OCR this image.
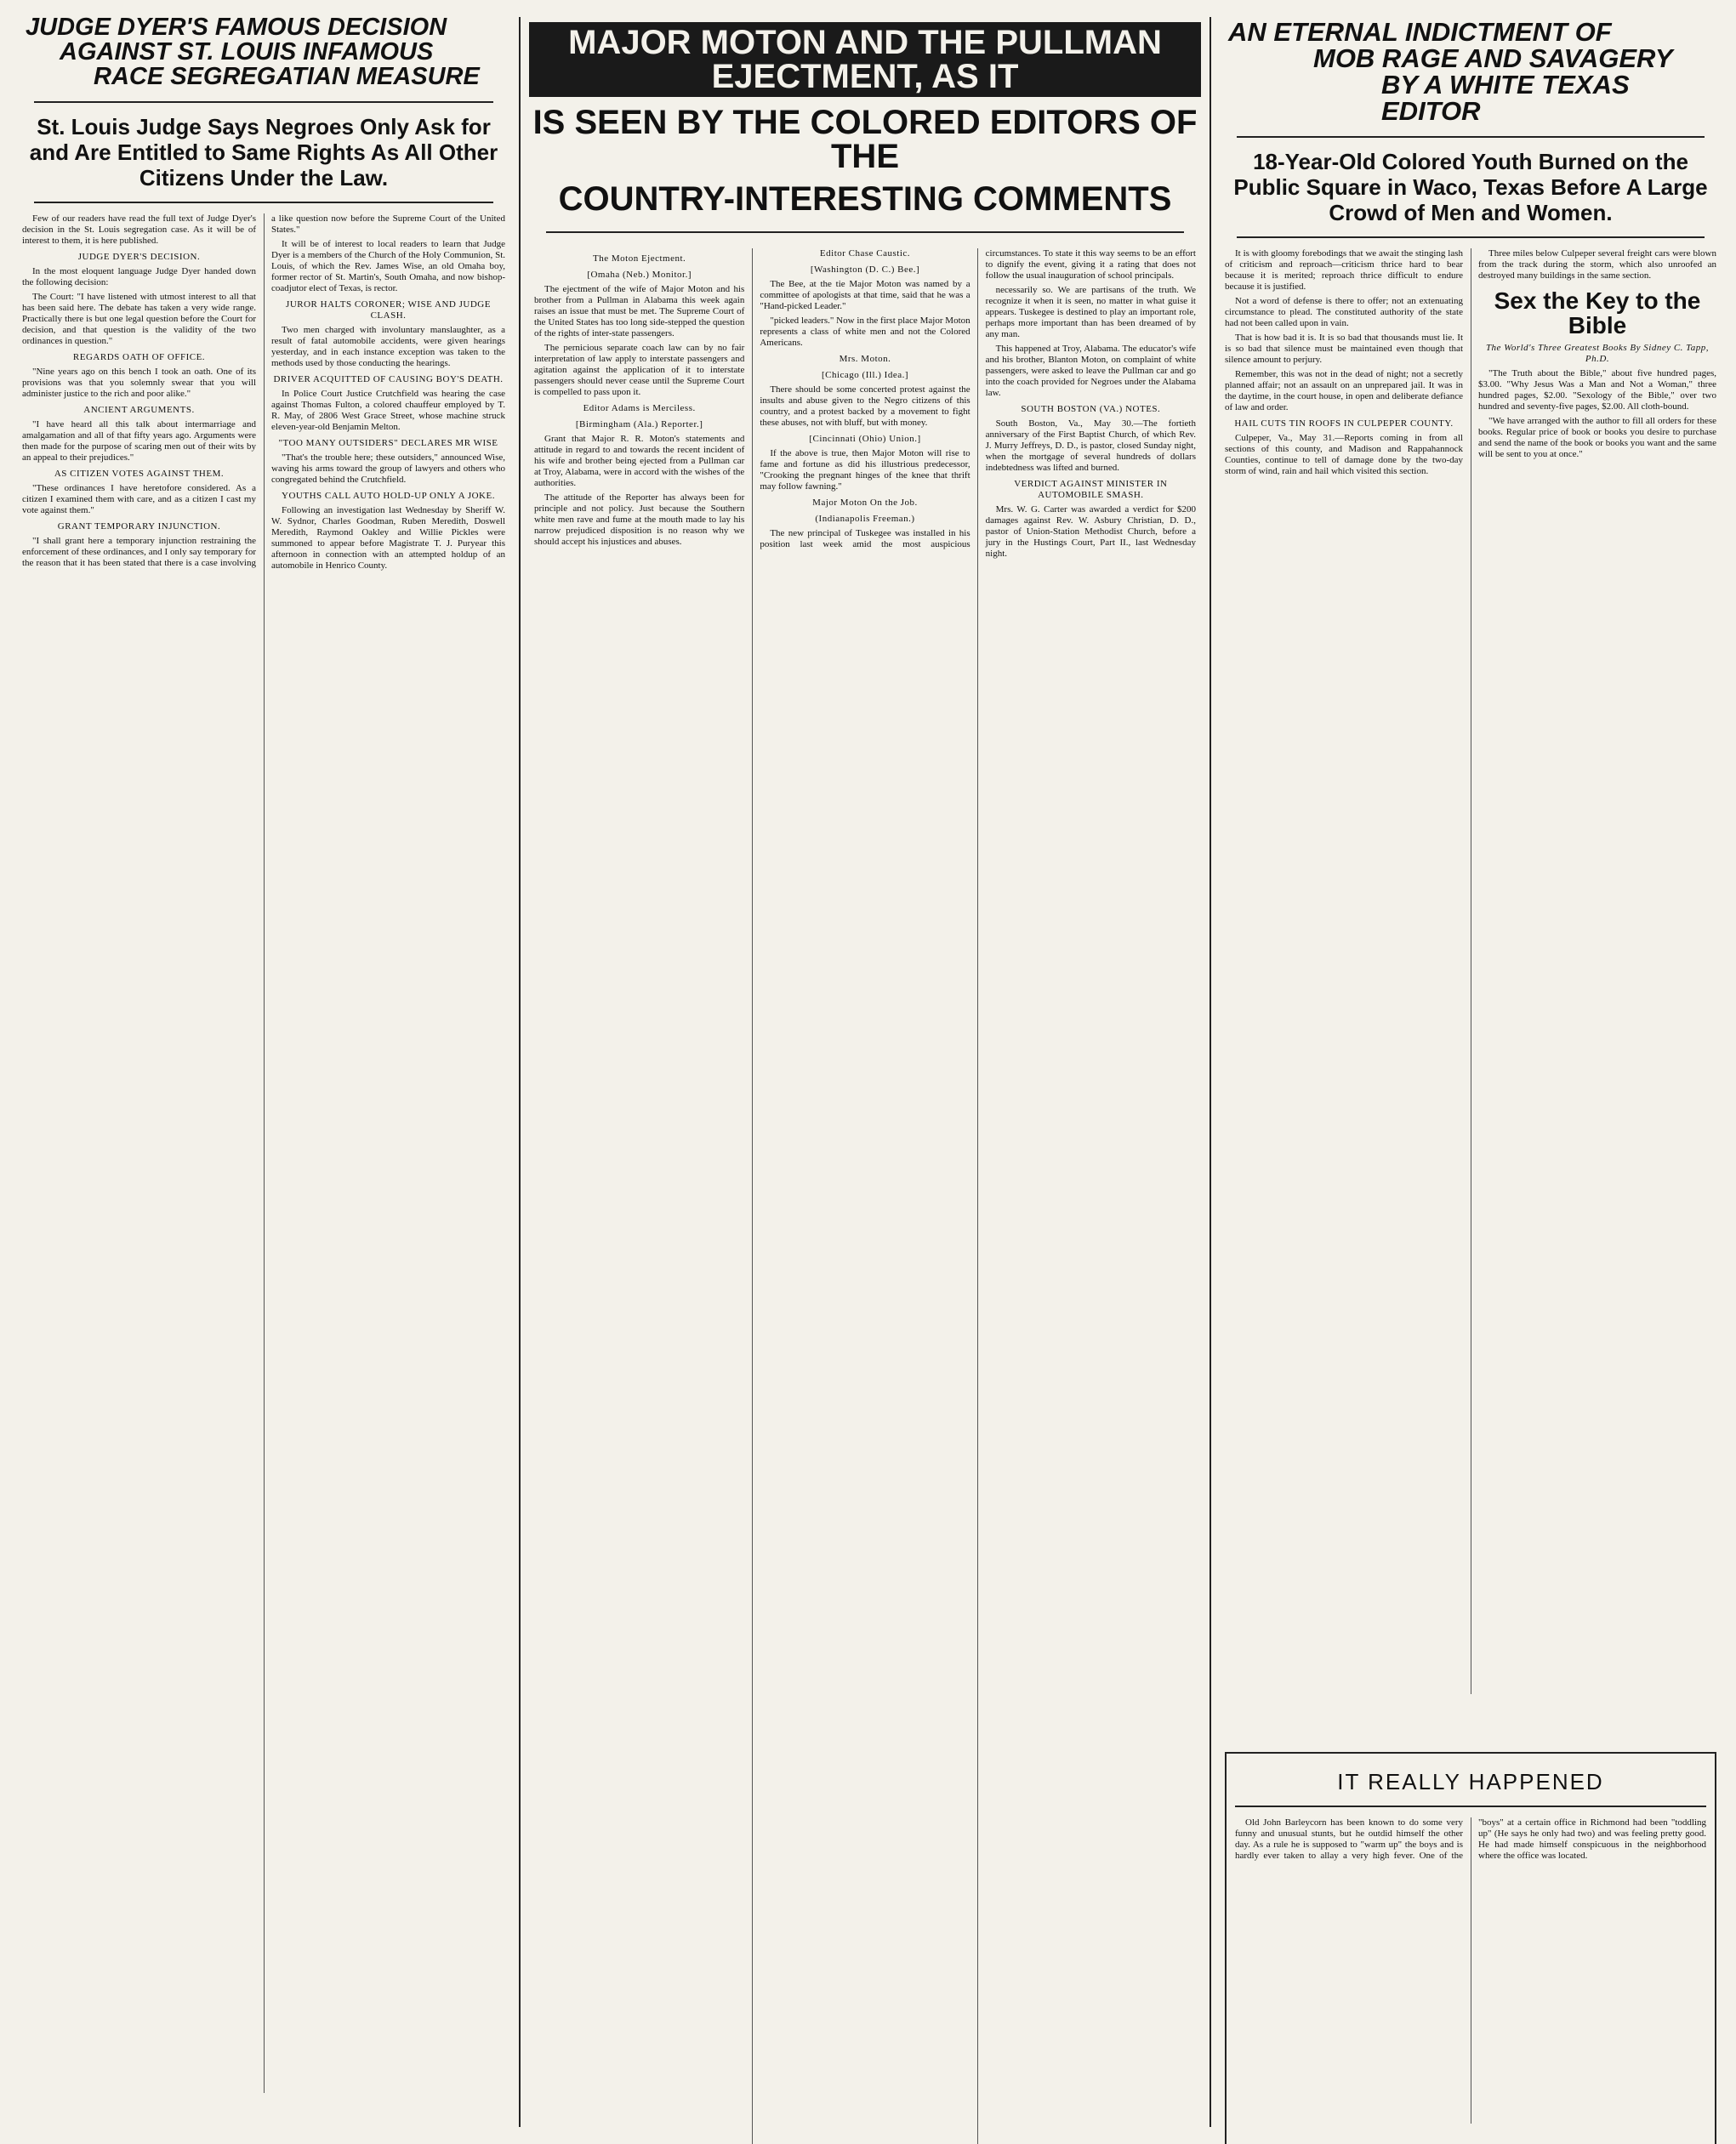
JUDGE DYER'S FAMOUS DECISION
AGAINST ST. LOUIS INFAMOUS
RACE SEGREGATIAN MEASURE
St. Louis Judge Says Negroes Only Ask for and Are Entitled to Same Rights As All Other Citizens Under the Law.

Few of our readers have read the full text of Judge Dyer's decision in the St. Louis segregation case. As it will be of interest to them, it is here published.

JUDGE DYER'S DECISION.

In the most eloquent language Judge Dyer handed down the following decision:

The Court: "I have listened with utmost interest to all that has been said here. The debate has taken a very wide range. Practically there is but one legal question before the Court for decision, and that question is the validity of the two ordinances in question."

REGARDS OATH OF OFFICE.

"Nine years ago on this bench I took an oath. One of its provisions was that you solemnly swear that you will administer justice to the rich and poor alike."

ANCIENT ARGUMENTS.

"I have heard all this talk about intermarriage and amalgamation and all of that fifty years ago. Arguments were then made for the purpose of scaring men out of their wits by an appeal to their prejudices."

AS CITIZEN VOTES AGAINST THEM.

"These ordinances I have heretofore considered. As a citizen I examined them with care, and as a citizen I cast my vote against them."

GRANT TEMPORARY INJUNCTION.

"I shall grant here a temporary injunction restraining the enforcement of these ordinances, and I only say temporary for the reason that it has been stated that there is a case involving a like question now before the Supreme Court of the United States."

It will be of interest to local readers to learn that Judge Dyer is a members of the Church of the Holy Communion, St. Louis, of which the Rev. James Wise, an old Omaha boy, former rector of St. Martin's, South Omaha, and now bishop-coadjutor elect of Texas, is rector.

JUROR HALTS CORONER; WISE AND JUDGE CLASH.

Two men charged with involuntary manslaughter, as a result of fatal automobile accidents, were given hearings yesterday, and in each instance exception was taken to the methods used by those conducting the hearings.

DRIVER ACQUITTED OF CAUSING BOY'S DEATH.

In Police Court Justice Crutchfield was hearing the case against Thomas Fulton, a colored chauffeur employed by T. R. May, of 2806 West Grace Street, whose machine struck eleven-year-old Benjamin Melton.

"TOO MANY OUTSIDERS" DECLARES MR WISE

"That's the trouble here; these outsiders," announced Wise, waving his arms toward the group of lawyers and others who congregated behind the Crutchfield.

YOUTHS CALL AUTO HOLD-UP ONLY A JOKE.

Following an investigation last Wednesday by Sheriff W. W. Sydnor, Charles Goodman, Ruben Meredith, Doswell Meredith, Raymond Oakley and Willie Pickles were summoned to appear before Magistrate T. J. Puryear this afternoon in connection with an attempted holdup of an automobile in Henrico County.

MAJOR MOTON AND THE PULLMAN EJECTMENT, AS IT
IS SEEN BY THE COLORED EDITORS OF THE
COUNTRY-INTERESTING COMMENTS
The Moton Ejectment.
[Omaha (Neb.) Monitor.]

The ejectment of the wife of Major Moton and his brother from a Pullman in Alabama this week again raises an issue that must be met. The Supreme Court of the United States has too long side-stepped the question of the rights of inter-state passengers.

The pernicious separate coach law can by no fair interpretation of law apply to interstate passengers and agitation against the application of it to interstate passengers should never cease until the Supreme Court is compelled to pass upon it.

Editor Adams is Merciless.
[Birmingham (Ala.) Reporter.]

Grant that Major R. R. Moton's statements and attitude in regard to and towards the recent incident of his wife and brother being ejected from a Pullman car at Troy, Alabama, were in accord with the wishes of the authorities.

The attitude of the Reporter has always been for principle and not policy. Just because the Southern white men rave and fume at the mouth made to lay his narrow prejudiced disposition is no reason why we should accept his injustices and abuses.

Editor Chase Caustic.
[Washington (D. C.) Bee.]

The Bee, at the tie Major Moton was named by a committee of apologists at that time, said that he was a "Hand-picked Leader."

"picked leaders." Now in the first place Major Moton represents a class of white men and not the Colored Americans.

Mrs. Moton.
[Chicago (Ill.) Idea.]

There should be some concerted protest against the insults and abuse given to the Negro citizens of this country, and a protest backed by a movement to fight these abuses, not with bluff, but with money.

[Cincinnati (Ohio) Union.]

If the above is true, then Major Moton will rise to fame and fortune as did his illustrious predecessor, "Crooking the pregnant hinges of the knee that thrift may follow fawning."

Major Moton On the Job.
(Indianapolis Freeman.)

The new principal of Tuskegee was installed in his position last week amid the most auspicious circumstances. To state it this way seems to be an effort to dignify the event, giving it a rating that does not follow the usual inauguration of school principals.

necessarily so. We are partisans of the truth. We recognize it when it is seen, no matter in what guise it appears. Tuskegee is destined to play an important role, perhaps more important than has been dreamed of by any man.

This happened at Troy, Alabama. The educator's wife and his brother, Blanton Moton, on complaint of white passengers, were asked to leave the Pullman car and go into the coach provided for Negroes under the Alabama law.

SOUTH BOSTON (VA.) NOTES.

South Boston, Va., May 30.—The fortieth anniversary of the First Baptist Church, of which Rev. J. Murry Jeffreys, D. D., is pastor, closed Sunday night, when the mortgage of several hundreds of dollars indebtedness was lifted and burned.

VERDICT AGAINST MINISTER IN AUTOMOBILE SMASH.

Mrs. W. G. Carter was awarded a verdict for $200 damages against Rev. W. Asbury Christian, D. D., pastor of Union-Station Methodist Church, before a jury in the Hustings Court, Part II., last Wednesday night.

AN ETERNAL INDICTMENT OF
MOB RAGE AND SAVAGERY
BY A WHITE TEXAS EDITOR
18-Year-Old Colored Youth Burned on the Public Square in Waco, Texas Before A Large Crowd of Men and Women.

It is with gloomy forebodings that we await the stinging lash of criticism and reproach—criticism thrice hard to bear because it is merited; reproach thrice difficult to endure because it is justified.

Not a word of defense is there to offer; not an extenuating circumstance to plead. The constituted authority of the state had not been called upon in vain.

That is how bad it is. It is so bad that thousands must lie. It is so bad that silence must be maintained even though that silence amount to perjury.

Remember, this was not in the dead of night; not a secretly planned affair; not an assault on an unprepared jail. It was in the daytime, in the court house, in open and deliberate defiance of law and order.

HAIL CUTS TIN ROOFS IN CULPEPER COUNTY.

Culpeper, Va., May 31.—Reports coming in from all sections of this county, and Madison and Rappahannock Counties, continue to tell of damage done by the two-day storm of wind, rain and hail which visited this section.

Three miles below Culpeper several freight cars were blown from the track during the storm, which also unroofed an destroyed many buildings in the same section.

Sex the Key to the Bible
The World's Three Greatest Books By Sidney C. Tapp, Ph.D.

"The Truth about the Bible," about five hundred pages, $3.00. "Why Jesus Was a Man and Not a Woman," three hundred pages, $2.00. "Sexology of the Bible," over two hundred and seventy-five pages, $2.00. All cloth-bound.

"We have arranged with the author to fill all orders for these books. Regular price of book or books you desire to purchase and send the name of the book or books you want and the same will be sent to you at once."

IT REALLY HAPPENED

Old John Barleycorn has been known to do some very funny and unusual stunts, but he outdid himself the other day. As a rule he is supposed to "warm up" the boys and is hardly ever taken to allay a very high fever. One of the "boys" at a certain office in Richmond had been "toddling up" (He says he only had two) and was feeling pretty good. He had made himself conspicuous in the neighborhood where the office was located.
